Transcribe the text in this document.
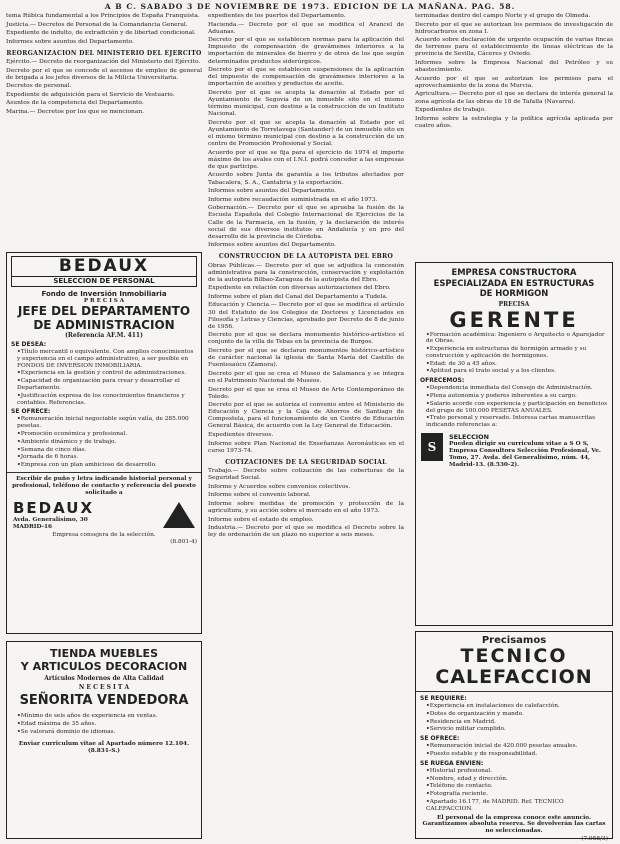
A B C. SABADO 3 DE NOVIEMBRE DE 1973. EDICION DE LA MAÑANA. PAG. 58.

tema Rúbica fundamental a los Principios de España Franquista.

Justicia.— Decretos de Personal de la Comandancia General.

Expediente de indulto, de extradición y de libertad condicional.

Informes sobre asuntos del Departamento.

REORGANIZACION DEL MINISTERIO DEL EJERCITO

Ejército.— Decreto de reorganización del Ministerio del Ejército.

Decreto por el que se concede el ascenso de empleo de general de brigada a los jefes diversos de la Milicia Universitaria.

Decretos de personal.

Expediente de adquisición para el Servicio de Vestuario.

Asuntos de la competencia del Departamento.

Marina.— Decretos por los que se mencionan.

BEDAUX
SELECCION DE PERSONAL
Fondo de Inversión Inmobiliaria
P R E C I S A
JEFE DEL DEPARTAMENTO
DE ADMINISTRACION
(Referencia AF.M. 411)
SE DESEA:
• Título mercantil o equivalente. Con amplios conocimientos y experiencia en el campo administrativo, a ser posible en FONDOS DE INVERSION INMOBILIARIA.
• Experiencia en la gestión y control de administraciones.
• Capacidad de organización para crear y desarrollar el Departamento.
• Justificación expresa de los conocimientos financieros y contables. Referencias.
SE OFRECE:
• Remuneración inicial negociable según valía, de 285.000 pesetas.
• Promoción económica y profesional.
• Ambiente dinámico y de trabajo.
• Semana de cinco días.
• Jornada de 6 horas.
• Empresa con un plan ambicioso de desarrollo.
Escribir de puño y letra indicando historial personal y profesional, teléfono de contacto y referencia del puesto solicitado a
BEDAUX
Avda. Generalísimo, 30
MADRID-16
Empresa consejera de la selección.
(8.801-4)
TIENDA MUEBLES
Y ARTICULOS DECORACION
Artículos Modernos de Alta Calidad
N E C E S I T A
SEÑORITA VENDEDORA
• Mínimo de seis años de experiencia en ventas.
• Edad máxima de 35 años.
• Se valorará dominio de idiomas.
Enviar curriculum vitae al Apartado número 12.104. (8.831-S.)

expedientes de los puertos del Departamento.

Hacienda.— Decreto por el que se modifica el Arancel de Aduanas.

Decreto por el que se establecen normas para la aplicación del Impuesto de compensación de gravámenes interiores a la importación de minerales de hierro y de otros de los que según determinados productos siderúrgicos.

Decreto por el que se establecen suspensiones de la aplicación del impuesto de compensación de gravámenes interiores a la importación de aceites y productos de aceite.

Decreto por el que se acepta la donación al Estado por el Ayuntamiento de Segovia de un inmueble sito en el mismo término municipal, con destino a la construcción de un Instituto Nacional.

Decreto por el que se acepta la donación al Estado por el Ayuntamiento de Torrelavega (Santander) de un inmueble sito en el mismo término municipal con destino a la construcción de un centro de Promoción Profesional y Social.

Acuerdo por el que se fija para el ejercicio de 1974 el importe máximo de los avales con el I.N.I. podrá conceder a las empresas de que participe.

Acuerdo sobre Junta de garantía a los tributos afectados por Tabacalera, S. A., Cantabria y la exportación.

Informes sobre asuntos del Departamento.

Informe sobre recaudación suministrada en el año 1973.

Gobernación.— Decreto por el que se aprueba la fusión de la Escuela Española del Colegio Internacional de Ejercicios de la Calle de la Farmacia, en la fusión, y la declaración de interés social de sus diversos institutos en Andalucía y en pro del desarrollo de la provincia de Córdoba.

Informes sobre asuntos del Departamento.

CONSTRUCCION DE LA AUTOPISTA DEL EBRO

Obras Públicas.— Decreto por el que se adjudica la concesión administrativa para la construcción, conservación y explotación de la autopista Bilbao-Zaragoza de la autopista del Ebro.

Expediente en relación con diversas autorizaciones del Ebro.

Informe sobre el plan del Canal del Departamento a Tudela.

Educación y Ciencia.— Decreto por el que se modifica el artículo 30 del Estatuto de los Colegios de Doctores y Licenciados en Filosofía y Letras y Ciencias, aprobado por Decreto de 8 de junio de 1956.

Decreto por el que se declara monumento histórico-artístico el conjunto de la villa de Tebas en la provincia de Burgos.

Decreto por el que se declaran monumentos histórico-artístico de carácter nacional la iglesia de Santa María del Castillo de Fuentesaúco (Zamora).

Decreto por el que se crea el Museo de Salamanca y se integra en el Patrimonio Nacional de Museos.

Decreto por el que se crea el Museo de Arte Contemporáneo de Toledo.

Decreto por el que se autoriza el convenio entre el Ministerio de Educación y Ciencia y la Caja de Ahorros de Santiago de Compostela, para el funcionamiento de un Centro de Educación General Básica, de acuerdo con la Ley General de Educación.

Expedientes diversos.

Informe sobre Plan Nacional de Enseñanzas Aeronáuticas en el curso 1973-74.

COTIZACIONES DE LA SEGURIDAD SOCIAL

Trabajo.— Decreto sobre cotización de las coberturas de la Seguridad Social.

Informe y Acuerdos sobre convenios colectivos.

Informe sobre el convenio laboral.

Informe sobre medidas de promoción y protección de la agricultura, y su acción sobre el mercado en el año 1973.

Informe sobre el estado de empleo.

Industria.— Decreto por el que se modifica el Decreto sobre la ley de ordenación de un plazo no superior a seis meses.

terminadas dentro del campo Norte y el grupo de Olmeda.

Decreto por el que se autorizan los permisos de investigación de hidrocarburos en zona I.

Acuerdo sobre declaración de urgente ocupación de varias fincas de terrenos para el establecimiento de líneas eléctricas de la provincia de Sevilla, Cáceres y Oviedo.

Informes sobre la Empresa Nacional del Petróleo y su abastecimiento.

Acuerdo por el que se autorizan los permisos para el aprovechamiento de la zona de Murcia.

Agricultura.— Decreto por el que se declara de interés general la zona agrícola de las obras de 18 de Tafalla (Navarra).

Expedientes de trabajo.

Informe sobre la estrategia y la política agrícola aplicada por cuatro años.

EMPRESA CONSTRUCTORA
ESPECIALIZADA EN ESTRUCTURAS
DE HORMIGON
PRECISA
GERENTE
• Formación académica: Ingeniero o Arquitecto o Aparejador de Obras.
• Experiencia en estructuras de hormigón armado y su construcción y aplicación de hormigones.
• Edad: de 30 a 45 años.
• Aptitud para el trato social y a los clientes.
OFRECEMOS:
• Dependencia inmediata del Consejo de Administración.
• Plena autonomía y poderes inherentes a su cargo.
• Salario acorde con experiencia y participación en beneficios del grupo de 100.000 PESETAS ANUALES.
• Trato personal y reservado. Interesa cartas manuscritas indicando referencias a:
S
SELECCION
Pueden dirigir su curriculum vitae a S O S, Empresa Consultora Selección Profesional, Ve. Tomo, 27. Avda. del Generalísimo, núm. 44, Madrid-13. (8.530-2).
Precisamos
TECNICO
CALEFACCION
SE REQUIERE:
• Experiencia en instalaciones de calefacción.
• Dotes de organización y mando.
• Residencia en Madrid.
• Servicio militar cumplido.
SE OFRECE:
• Remuneración inicial de 420.000 pesetas anuales.
• Puesto estable y de responsabilidad.
SE RUEGA ENVIEN:
• Historial profesional.
• Nombre, edad y dirección.
• Teléfono de contacto.
• Fotografía reciente.
• Apartado 16.177, de MADRID. Ref. TECNICO CALEFACCION.
El personal de la empresa conoce este anuncio. Garantizamos absoluta reserva. Se devolverán las cartas no seleccionadas.
(7.958/3)
